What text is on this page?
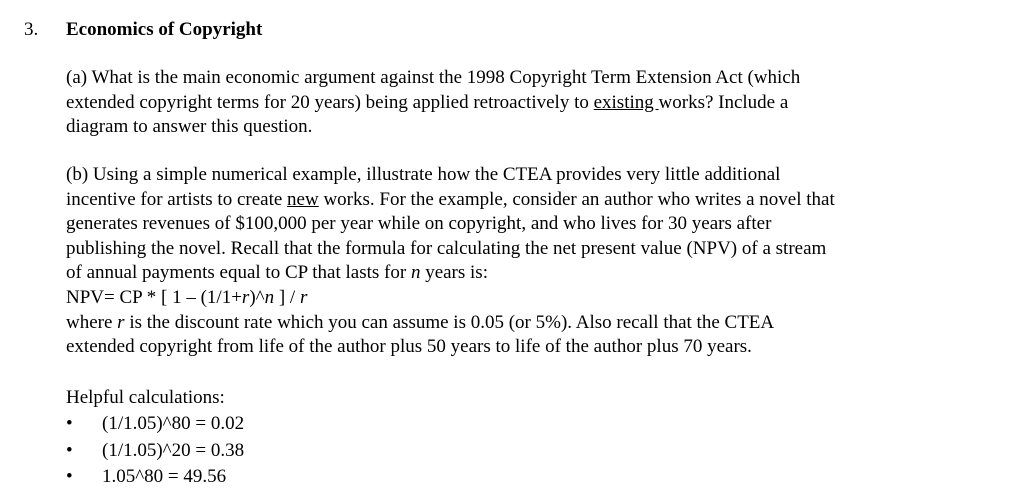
3. Economics of Copyright
(a) What is the main economic argument against the 1998 Copyright Term Extension Act (which
extended copyright terms for 20 years) being applied retroactively to existing works? Include a
diagram to answer this question.
(b) Using a simple numerical example, illustrate how the CTEA provides very little additional
incentive for artists to create new works. For the example, consider an author who writes a novel that
generates revenues of $100,000 per year while on copyright, and who lives for 30 years after
publishing the novel. Recall that the formula for calculating the net present value (NPV) of a stream
of annual payments equal to CP that lasts for n years is:
NPV= CP * [ 1 – (1/1+r)^n ] / r
where r is the discount rate which you can assume is 0.05 (or 5%). Also recall that the CTEA
extended copyright from life of the author plus 50 years to life of the author plus 70 years.
Helpful calculations:
• (1/1.05)^80 = 0.02
• (1/1.05)^20 = 0.38
• 1.05^80 = 49.56
